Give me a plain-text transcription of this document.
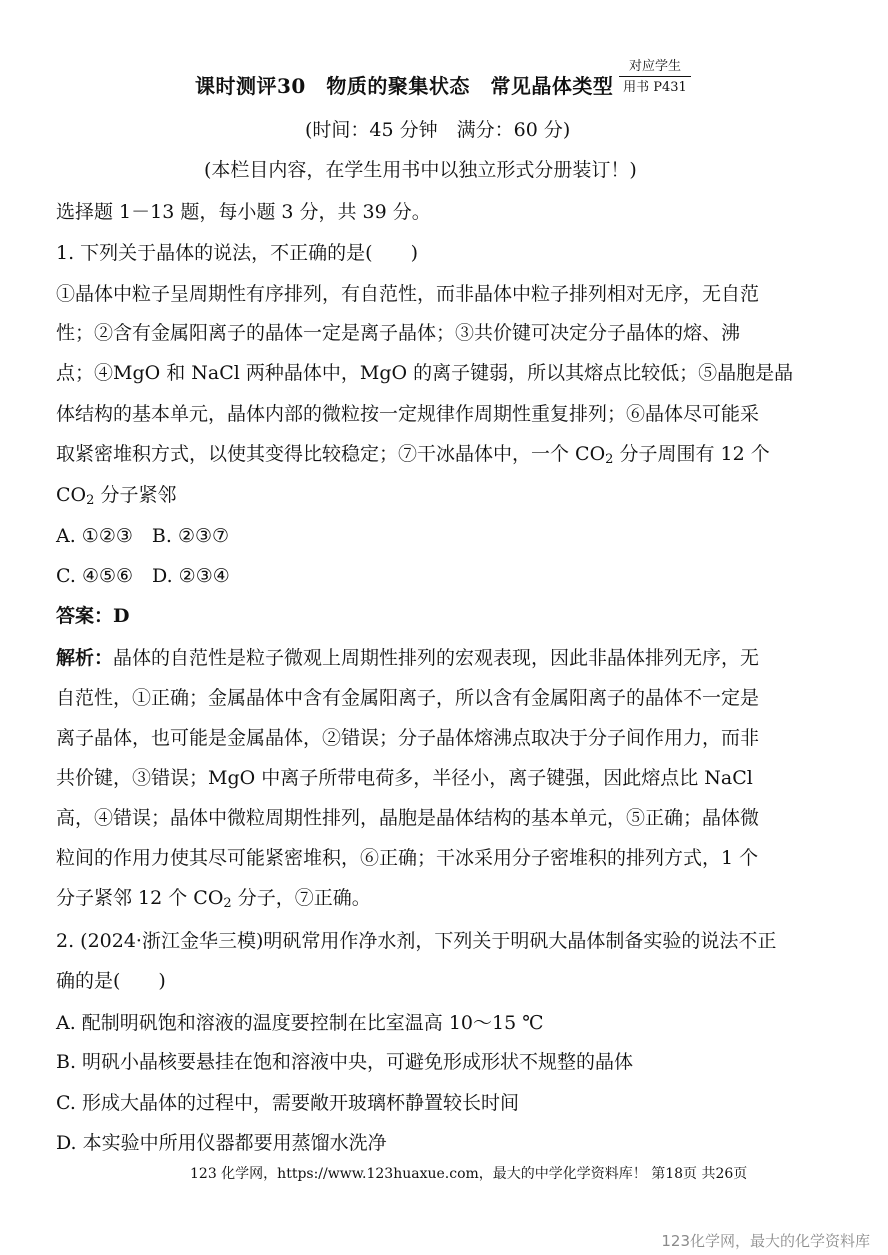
课时测评30　物质的聚集状态　常见晶体类型
对应学生
用书 P431
(时间：45 分钟　满分：60 分)
(本栏目内容，在学生用书中以独立形式分册装订！)
选择题 1－13 题，每小题 3 分，共 39 分。
1. 下列关于晶体的说法，不正确的是(　　)
①晶体中粒子呈周期性有序排列，有自范性，而非晶体中粒子排列相对无序，无自范
性；②含有金属阳离子的晶体一定是离子晶体；③共价键可决定分子晶体的熔、沸
点；④MgO 和 NaCl 两种晶体中，MgO 的离子键弱，所以其熔点比较低；⑤晶胞是晶
体结构的基本单元，晶体内部的微粒按一定规律作周期性重复排列；⑥晶体尽可能采
取紧密堆积方式，以使其变得比较稳定；⑦干冰晶体中，一个 $CO_2$ 分子周围有 12 个
$CO_2$ 分子紧邻
A. ①②③　B. ②③⑦
C. ④⑤⑥　D. ②③④
答案：D
解析：晶体的自范性是粒子微观上周期性排列的宏观表现，因此非晶体排列无序，无
自范性，①正确；金属晶体中含有金属阳离子，所以含有金属阳离子的晶体不一定是
离子晶体，也可能是金属晶体，②错误；分子晶体熔沸点取决于分子间作用力，而非
共价键，③错误；MgO 中离子所带电荷多，半径小，离子键强，因此熔点比 NaCl
高，④错误；晶体中微粒周期性排列，晶胞是晶体结构的基本单元，⑤正确；晶体微
粒间的作用力使其尽可能紧密堆积，⑥正确；干冰采用分子密堆积的排列方式，1 个
分子紧邻 12 个 $CO_2$ 分子，⑦正确。
2. (2024·浙江金华三模)明矾常用作净水剂，下列关于明矾大晶体制备实验的说法不正
确的是(　　)
A. 配制明矾饱和溶液的温度要控制在比室温高 10～15 ℃
B. 明矾小晶核要悬挂在饱和溶液中央，可避免形成形状不规整的晶体
C. 形成大晶体的过程中，需要敞开玻璃杯静置较长时间
D. 本实验中所用仪器都要用蒸馏水洗净
123 化学网，https://www.123huaxue.com，最大的中学化学资料库！ 第18页 共26页
123化学网，最大的化学资料库
